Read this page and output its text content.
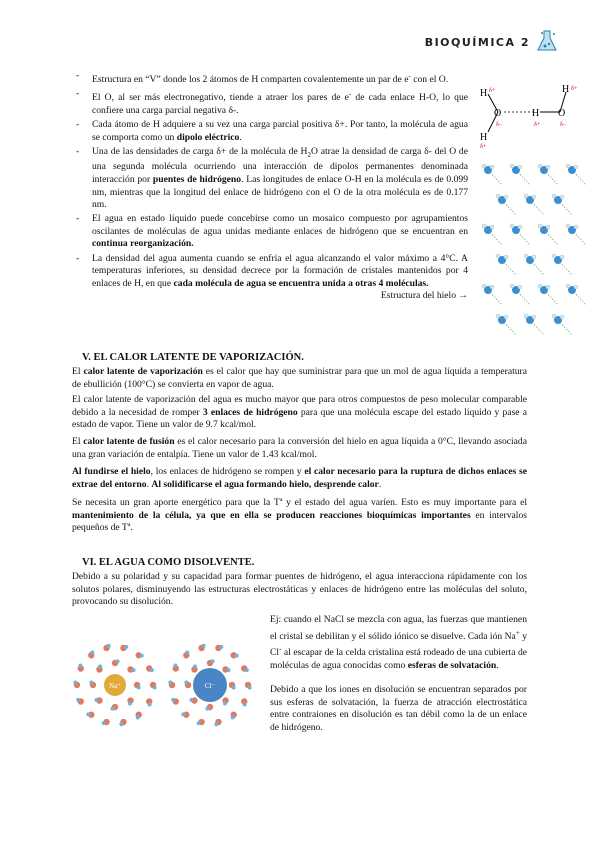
BIOQUÍMICA 2
- Estructura en “V” donde los 2 átomos de H comparten covalentemente un par de e- con el O.
- El O, al ser más electronegativo, tiende a atraer los pares de e- de cada enlace H-O, lo que confiere una carga parcial negativa δ-.
- Cada átomo de H adquiere a su vez una carga parcial positiva δ+. Por tanto, la molécula de agua se comporta como un dipolo eléctrico.
- Una de las densidades de carga δ+ de la molécula de $H_2O$ atrae la densidad de carga δ- del O de una segunda molécula ocurriendo una interacción de dipolos permanentes denominada interacción por puentes de hidrógeno. Las longitudes de enlace O-H en la molécula es de 0.099 nm, mientras que la longitud del enlace de hidrógeno con el O de la otra molécula es de 0.177 nm.
- El agua en estado líquido puede concebirse como un mosaico compuesto por agrupamientos oscilantes de moléculas de agua unidas mediante enlaces de hidrógeno que se encuentran en continua reorganización.
- La densidad del agua aumenta cuando se enfría el agua alcanzando el valor máximo a 4°C. A temperaturas inferiores, su densidad decrece por la formación de cristales mantenidos por 4 enlaces de H, en que cada molécula de agua se encuentra unida a otras 4 moléculas.
Estructura del hielo →
H δ+
O
δ−
H
δ+
H
δ+
H δ+
O
δ−
V. EL CALOR LATENTE DE VAPORIZACIÓN.
El calor latente de vaporización es el calor que hay que suministrar para que un mol de agua líquida a temperatura de ebullición (100°C) se convierta en vapor de agua.
El calor latente de vaporización del agua es mucho mayor que para otros compuestos de peso molecular comparable debido a la necesidad de romper 3 enlaces de hidrógeno para que una molécula escape del estado líquido y pase a estado de vapor. Tiene un valor de 9.7 kcal/mol.
El calor latente de fusión es el calor necesario para la conversión del hielo en agua líquida a 0°C, llevando asociada una gran variación de entalpía. Tiene un valor de 1.43 kcal/mol.
Al fundirse el hielo, los enlaces de hidrógeno se rompen y el calor necesario para la ruptura de dichos enlaces se extrae del entorno. Al solidificarse el agua formando hielo, desprende calor.
Se necesita un gran aporte energético para que la Tª y el estado del agua varíen. Esto es muy importante para el mantenimiento de la célula, ya que en ella se producen reacciones bioquímicas importantes en intervalos pequeños de Tª.
VI. EL AGUA COMO DISOLVENTE.
Debido a su polaridad y su capacidad para formar puentes de hidrógeno, el agua interacciona rápidamente con los solutos polares, disminuyendo las estructuras electrostáticas y enlaces de hidrógeno entre las moléculas del soluto, provocando su disolución.
Na⁺	Cl⁻
Ej: cuando el NaCl se mezcla con agua, las fuerzas que mantienen el cristal se debilitan y el sólido iónico se disuelve. Cada ión Na+ y Cl- al escapar de la celda cristalina está rodeado de una cubierta de moléculas de agua conocidas como esferas de solvatación.
Debido a que los iones en disolución se encuentran separados por sus esferas de solvatación, la fuerza de atracción electrostática entre contraiones en disolución es tan débil como la de un enlace de hidrógeno.
